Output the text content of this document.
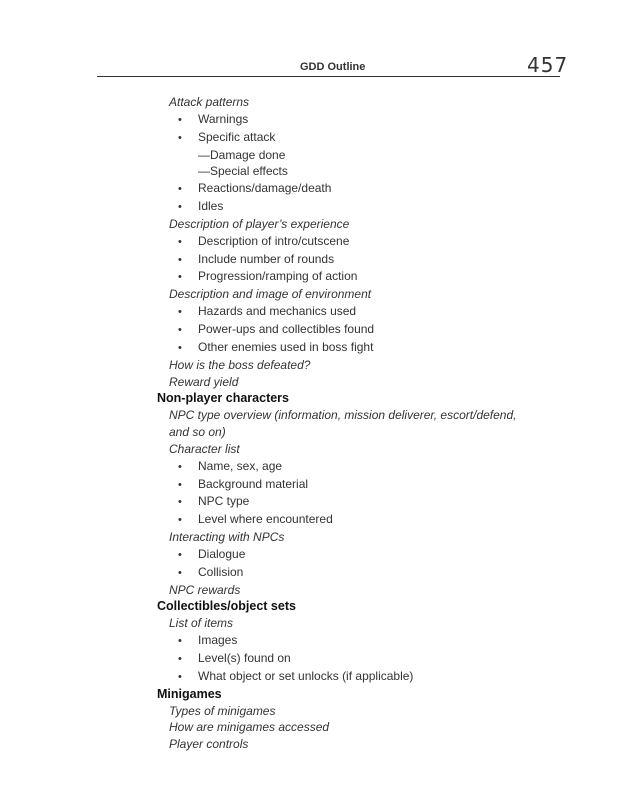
GDD Outline	457
Attack patterns
• Warnings
• Specific attack
—Damage done
—Special effects
• Reactions/damage/death
• Idles
Description of player’s experience
• Description of intro/cutscene
• Include number of rounds
• Progression/ramping of action
Description and image of environment
• Hazards and mechanics used
• Power-ups and collectibles found
• Other enemies used in boss fight
How is the boss defeated?
Reward yield
Non-player characters
NPC type overview (information, mission deliverer, escort/defend,
and so on)
Character list
• Name, sex, age
• Background material
• NPC type
• Level where encountered
Interacting with NPCs
• Dialogue
• Collision
NPC rewards
Collectibles/object sets
List of items
• Images
• Level(s) found on
• What object or set unlocks (if applicable)
Minigames
Types of minigames
How are minigames accessed
Player controls
